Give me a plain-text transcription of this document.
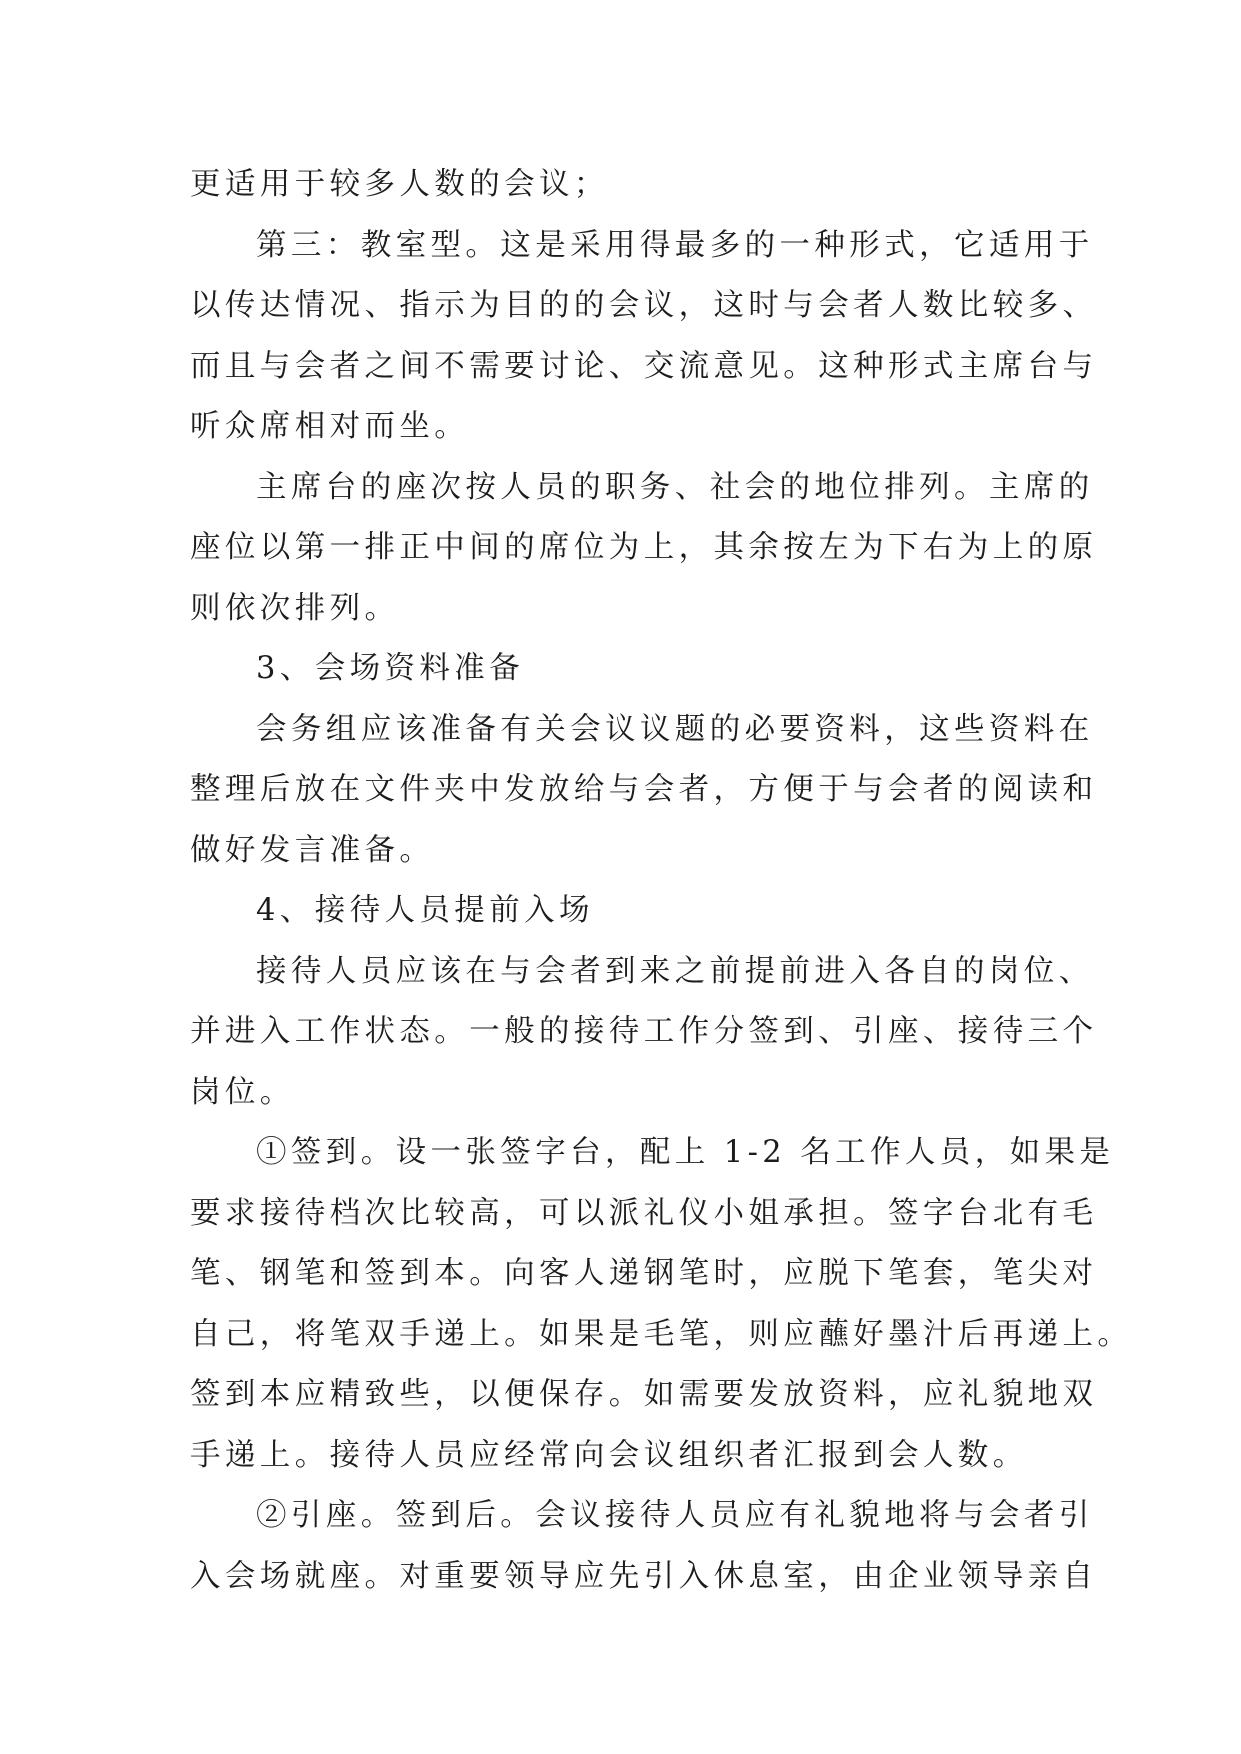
更适用于较多人数的会议；
第三：教室型。这是采用得最多的一种形式，它适用于
以传达情况、指示为目的的会议，这时与会者人数比较多、
而且与会者之间不需要讨论、交流意见。这种形式主席台与
听众席相对而坐。
主席台的座次按人员的职务、社会的地位排列。主席的
座位以第一排正中间的席位为上，其余按左为下右为上的原
则依次排列。
3、会场资料准备
会务组应该准备有关会议议题的必要资料，这些资料在
整理后放在文件夹中发放给与会者，方便于与会者的阅读和
做好发言准备。
4、接待人员提前入场
接待人员应该在与会者到来之前提前进入各自的岗位、
并进入工作状态。一般的接待工作分签到、引座、接待三个
岗位。
①签到。设一张签字台，配上 1-2 名工作人员，如果是
要求接待档次比较高，可以派礼仪小姐承担。签字台北有毛
笔、钢笔和签到本。向客人递钢笔时，应脱下笔套，笔尖对
自己，将笔双手递上。如果是毛笔，则应蘸好墨汁后再递上。
签到本应精致些，以便保存。如需要发放资料，应礼貌地双
手递上。接待人员应经常向会议组织者汇报到会人数。
②引座。签到后。会议接待人员应有礼貌地将与会者引
入会场就座。对重要领导应先引入休息室，由企业领导亲自
